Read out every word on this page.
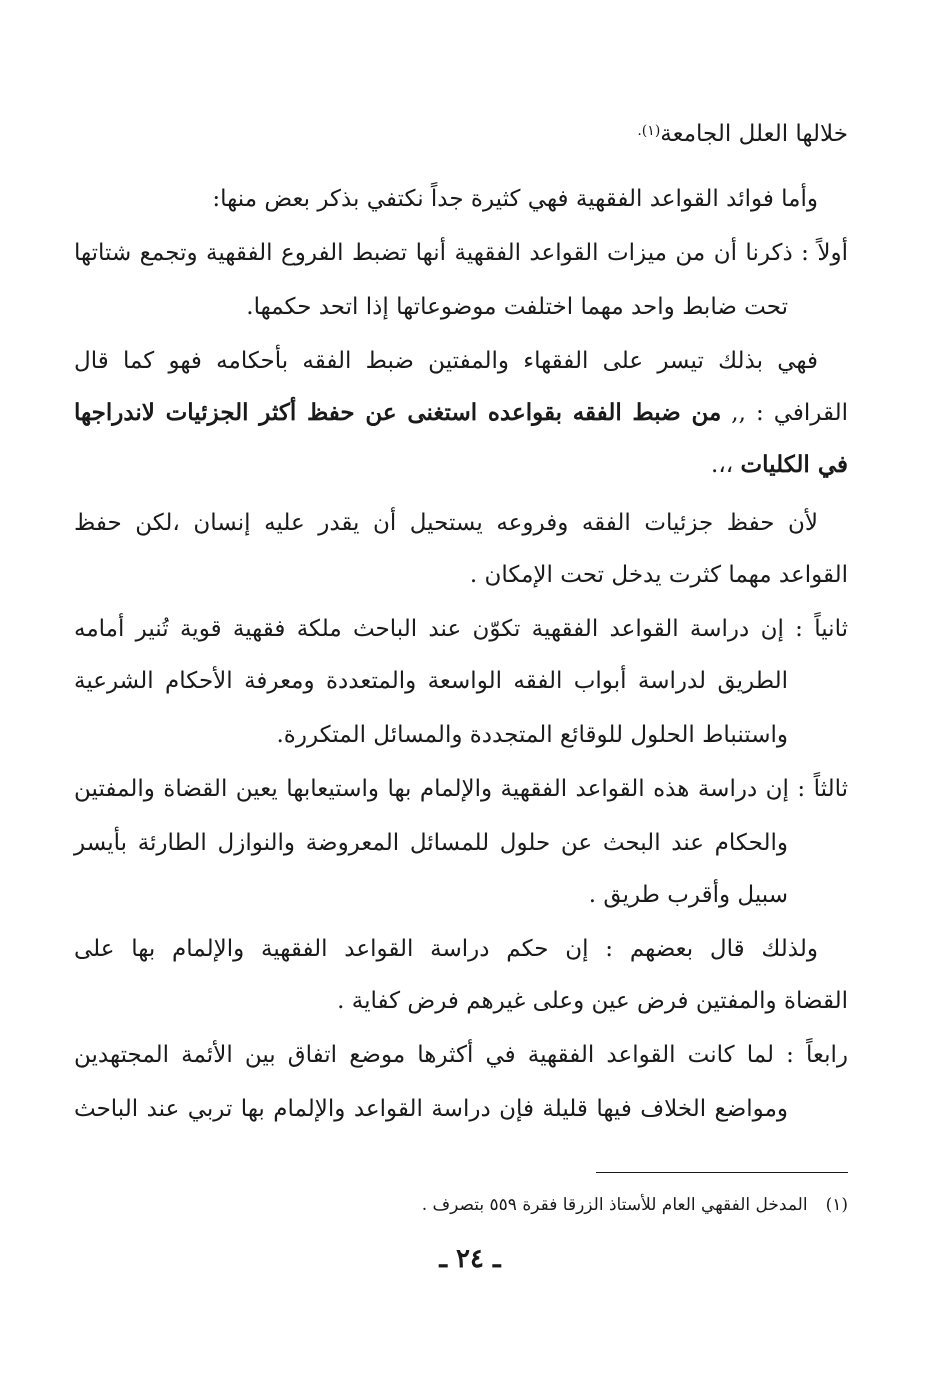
خلالها العلل الجامعة$^{(١).}$
وأما فوائد القواعد الفقهية فهي كثيرة جداً نكتفي بذكر بعض منها:
أولاً : ذكرنا أن من ميزات القواعد الفقهية أنها تضبط الفروع الفقهية وتجمع شتاتها
تحت ضابط واحد مهما اختلفت موضوعاتها إذا اتحد حكمها.
فهي بذلك تيسر على الفقهاء والمفتين ضبط الفقه بأحكامه فهو كما قال
القرافي : ,, من ضبط الفقه بقواعده استغنى عن حفظ أكثر الجزئيات لاندراجها
في الكليات ،،.
لأن حفظ جزئيات الفقه وفروعه يستحيل أن يقدر عليه إنسان ،لكن حفظ
القواعد مهما كثرت يدخل تحت الإمكان .
ثانياً : إن دراسة القواعد الفقهية تكوّن عند الباحث ملكة فقهية قوية تُنير أمامه
الطريق لدراسة أبواب الفقه الواسعة والمتعددة ومعرفة الأحكام الشرعية
واستنباط الحلول للوقائع المتجددة والمسائل المتكررة.
ثالثاً : إن دراسة هذه القواعد الفقهية والإلمام بها واستيعابها يعين القضاة والمفتين
والحكام عند البحث عن حلول للمسائل المعروضة والنوازل الطارئة بأيسر
سبيل وأقرب طريق .
ولذلك قال بعضهم : إن حكم دراسة القواعد الفقهية والإلمام بها على
القضاة والمفتين فرض عين وعلى غيرهم فرض كفاية .
رابعاً : لما كانت القواعد الفقهية في أكثرها موضع اتفاق بين الأئمة المجتهدين
ومواضع الخلاف فيها قليلة فإن دراسة القواعد والإلمام بها تربي عند الباحث
(١)المدخل الفقهي العام للأستاذ الزرقا فقرة ٥٥٩ بتصرف .
ـ ٢٤ ـ
